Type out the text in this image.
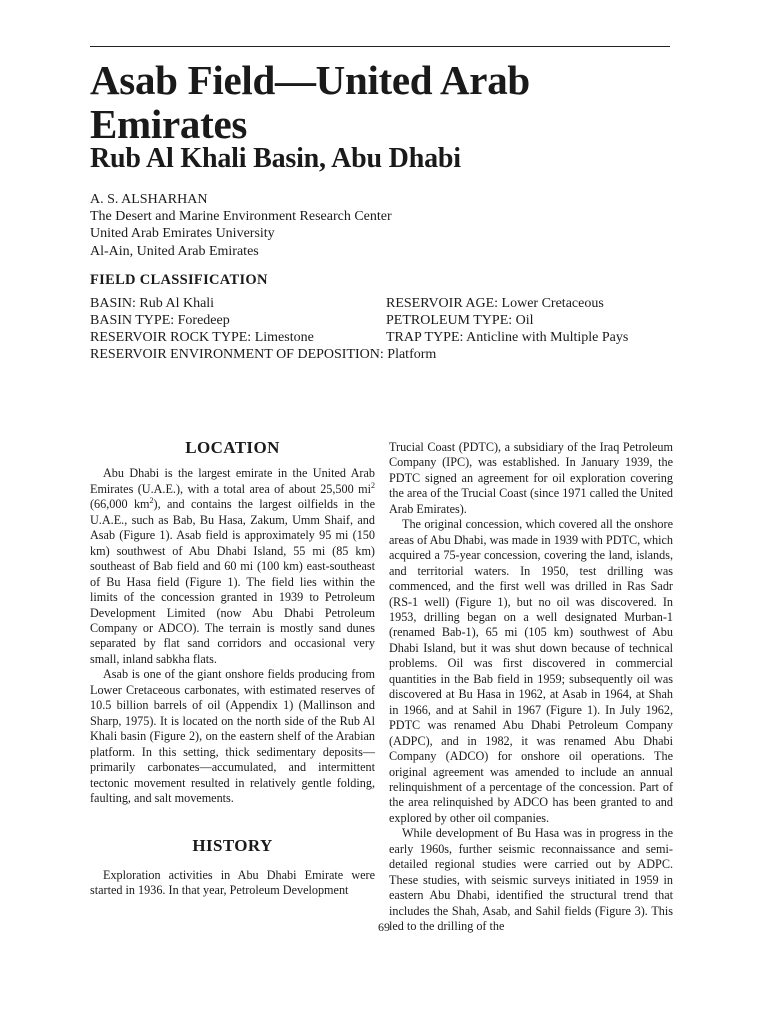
Asab Field—United Arab Emirates
Rub Al Khali Basin, Abu Dhabi
A. S. ALSHARHAN
The Desert and Marine Environment Research Center
United Arab Emirates University
Al-Ain, United Arab Emirates
FIELD CLASSIFICATION
BASIN: Rub Al Khali
BASIN TYPE: Foredeep
RESERVOIR ROCK TYPE: Limestone
RESERVOIR ENVIRONMENT OF DEPOSITION: Platform
RESERVOIR AGE: Lower Cretaceous
PETROLEUM TYPE: Oil
TRAP TYPE: Anticline with Multiple Pays
LOCATION

Abu Dhabi is the largest emirate in the United Arab Emirates (U.A.E.), with a total area of about 25,500 $mi^2$ (66,000 $km^2$), and contains the largest oilfields in the U.A.E., such as Bab, Bu Hasa, Zakum, Umm Shaif, and Asab (Figure 1). Asab field is approximately 95 mi (150 km) southwest of Abu Dhabi Island, 55 mi (85 km) southeast of Bab field and 60 mi (100 km) east-southeast of Bu Hasa field (Figure 1). The field lies within the limits of the concession granted in 1939 to Petroleum Development Limited (now Abu Dhabi Petroleum Company or ADCO). The terrain is mostly sand dunes separated by flat sand corridors and occasional very small, inland sabkha flats.

Asab is one of the giant onshore fields producing from Lower Cretaceous carbonates, with estimated reserves of 10.5 billion barrels of oil (Appendix 1) (Mallinson and Sharp, 1975). It is located on the north side of the Rub Al Khali basin (Figure 2), on the eastern shelf of the Arabian platform. In this setting, thick sedimentary deposits—primarily carbonates—accumulated, and intermittent tectonic movement resulted in relatively gentle folding, faulting, and salt movements.

HISTORY

Exploration activities in Abu Dhabi Emirate were started in 1936. In that year, Petroleum Development

Trucial Coast (PDTC), a subsidiary of the Iraq Petroleum Company (IPC), was established. In January 1939, the PDTC signed an agreement for oil exploration covering the area of the Trucial Coast (since 1971 called the United Arab Emirates).

The original concession, which covered all the onshore areas of Abu Dhabi, was made in 1939 with PDTC, which acquired a 75-year concession, covering the land, islands, and territorial waters. In 1950, test drilling was commenced, and the first well was drilled in Ras Sadr (RS-1 well) (Figure 1), but no oil was discovered. In 1953, drilling began on a well designated Murban-1 (renamed Bab-1), 65 mi (105 km) southwest of Abu Dhabi Island, but it was shut down because of technical problems. Oil was first discovered in commercial quantities in the Bab field in 1959; subsequently oil was discovered at Bu Hasa in 1962, at Asab in 1964, at Shah in 1966, and at Sahil in 1967 (Figure 1). In July 1962, PDTC was renamed Abu Dhabi Petroleum Company (ADPC), and in 1982, it was renamed Abu Dhabi Company (ADCO) for onshore oil operations. The original agreement was amended to include an annual relinquishment of a percentage of the concession. Part of the area relinquished by ADCO has been granted to and explored by other oil companies.

While development of Bu Hasa was in progress in the early 1960s, further seismic reconnaissance and semi-detailed regional studies were carried out by ADPC. These studies, with seismic surveys initiated in 1959 in eastern Abu Dhabi, identified the structural trend that includes the Shah, Asab, and Sahil fields (Figure 3). This led to the drilling of the

69
